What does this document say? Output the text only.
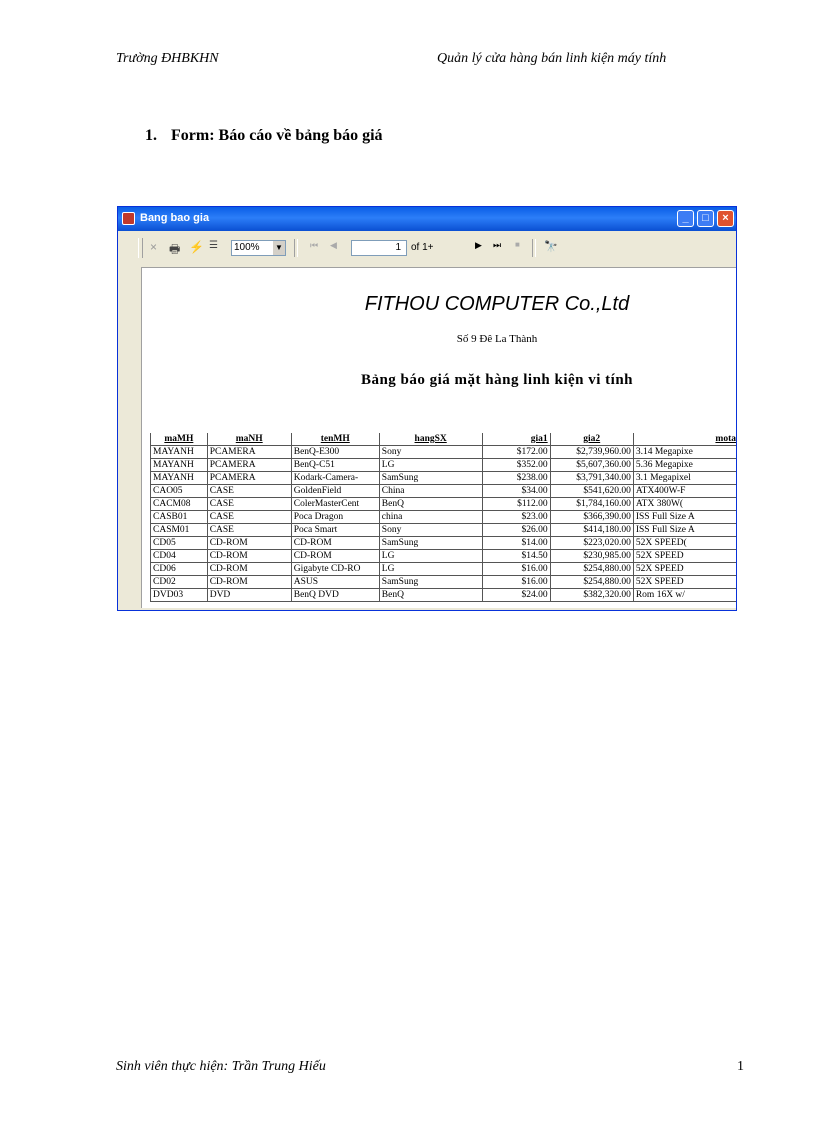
Trường ĐHBKHN	Quản lý cửa hàng bán linh kiện máy tính
1. Form: Báo cáo về bảng báo giá
Bang bao gia	_	□	×
× 🖶 ⚡ ☰	100% ▼	⏮ ◀	1	of 1+	▶ ⏭ ■ 🔭
FITHOU COMPUTER Co.,Ltd
Số 9 Đê La Thành
Bảng báo giá mặt hàng linh kiện vi tính
maMH	maNH	tenMH	hangSX	gia1	gia2	mota
MAYANH	PCAMERA	BenQ-E300	Sony	$172.00	$2,739,960.00	3.14 Megapixe
MAYANH	PCAMERA	BenQ-C51	LG	$352.00	$5,607,360.00	5.36 Megapixe
MAYANH	PCAMERA	Kodark-Camera-	SamSung	$238.00	$3,791,340.00	3.1 Megapixel
CAO05	CASE	GoldenField	China	$34.00	$541,620.00	ATX400W-F
CACM08	CASE	ColerMasterCent	BenQ	$112.00	$1,784,160.00	ATX 380W(
CASB01	CASE	Poca Dragon	china	$23.00	$366,390.00	ISS Full Size A
CASM01	CASE	Poca Smart	Sony	$26.00	$414,180.00	ISS Full Size A
CD05	CD-ROM	CD-ROM	SamSung	$14.00	$223,020.00	52X SPEED(
CD04	CD-ROM	CD-ROM	LG	$14.50	$230,985.00	52X SPEED
CD06	CD-ROM	Gigabyte CD-RO	LG	$16.00	$254,880.00	52X SPEED
CD02	CD-ROM	ASUS	SamSung	$16.00	$254,880.00	52X SPEED
DVD03	DVD	BenQ DVD	BenQ	$24.00	$382,320.00	Rom 16X w/
Sinh viên thực hiện: Trần Trung Hiếu	1
